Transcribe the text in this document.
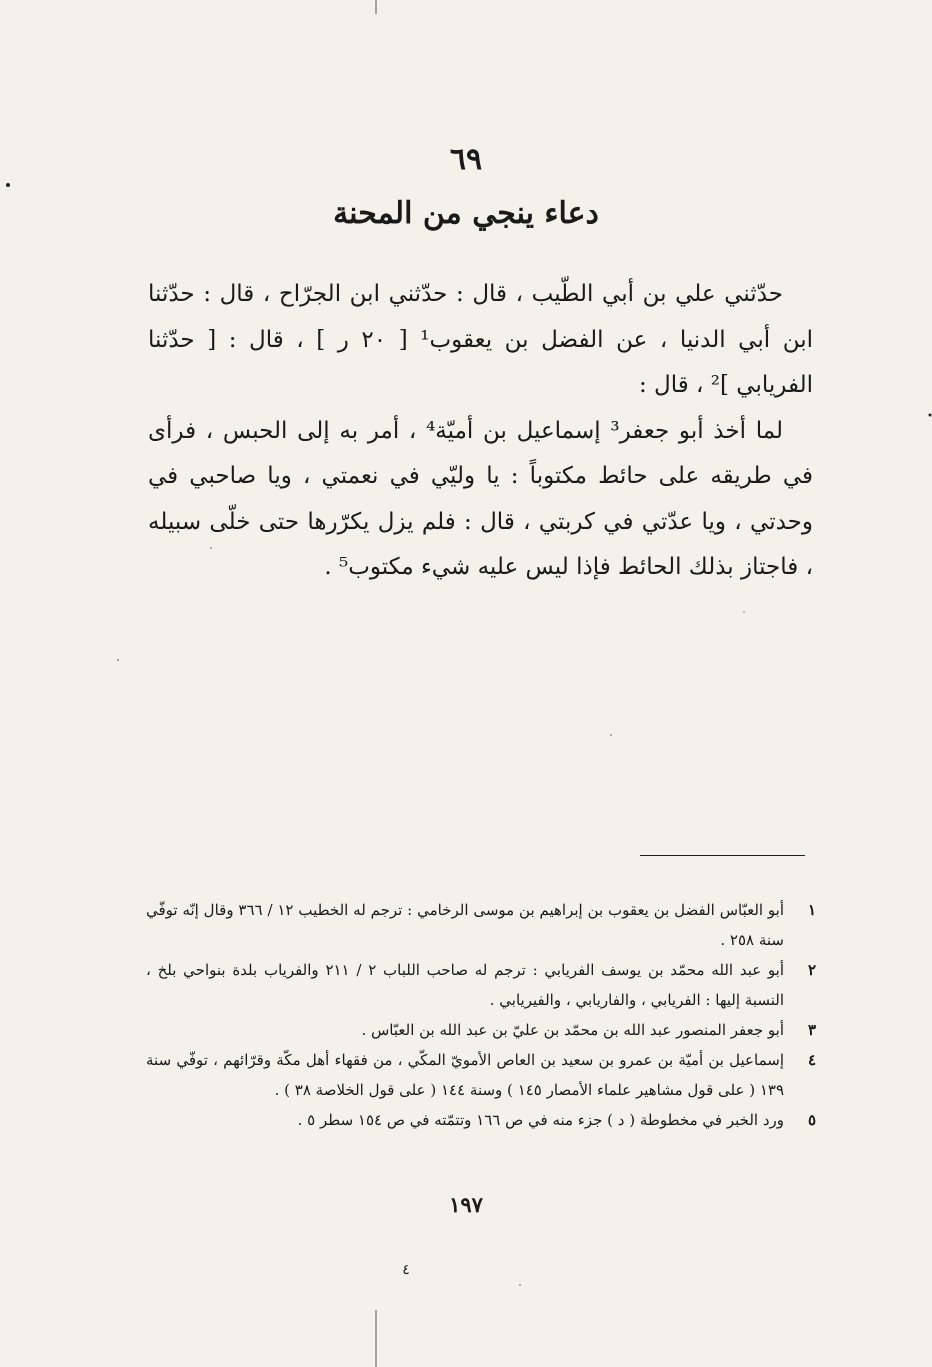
٦٩
دعاء ينجي من المحنة

حدّثني علي بن أبي الطّيب ، قال : حدّثني ابن الجرّاح ، قال : حدّثنا ابن أبي الدنيا ، عن الفضل بن يعقوب¹ [ ٢٠ ر ] ، قال : [ حدّثنا الفريابي ]² ، قال :

لما أخذ أبو جعفر³ إسماعيل بن أميّة⁴ ، أمر به إلى الحبس ، فرأى في طريقه على حائط مكتوباً : يا وليّي في نعمتي ، ويا صاحبي في وحدتي ، ويا عدّتي في كربتي ، قال : فلم يزل يكرّرها حتى خلّى سبيله ، فاجتاز بذلك الحائط فإذا ليس عليه شيء مكتوب⁵ .

١
أبو العبّاس الفضل بن يعقوب بن إبراهيم بن موسى الرخامي : ترجم له الخطيب ١٢ / ٣٦٦ وقال إنّه توفّي سنة ٢٥٨ .
٢
أبو عبد الله محمّد بن يوسف الفريابي : ترجم له صاحب اللباب ٢ / ٢١١ والفرياب بلدة بنواحي بلخ ، النسبة إليها : الفريابي ، والفاريابي ، والفيريابي .
٣
أبو جعفر المنصور عبد الله بن محمّد بن عليّ بن عبد الله بن العبّاس .
٤
إسماعيل بن أميّة بن عمرو بن سعيد بن العاص الأمويّ المكّي ، من فقهاء أهل مكّة وقرّائهم ، توفّي سنة ١٣٩ ( على قول مشاهير علماء الأمصار ١٤٥ ) وسنة ١٤٤ ( على قول الخلاصة ٣٨ ) .
٥
ورد الخبر في مخطوطة ( د ) جزء منه في ص ١٦٦ وتتمّته في ص ١٥٤ سطر ٥ .
١٩٧
٤
